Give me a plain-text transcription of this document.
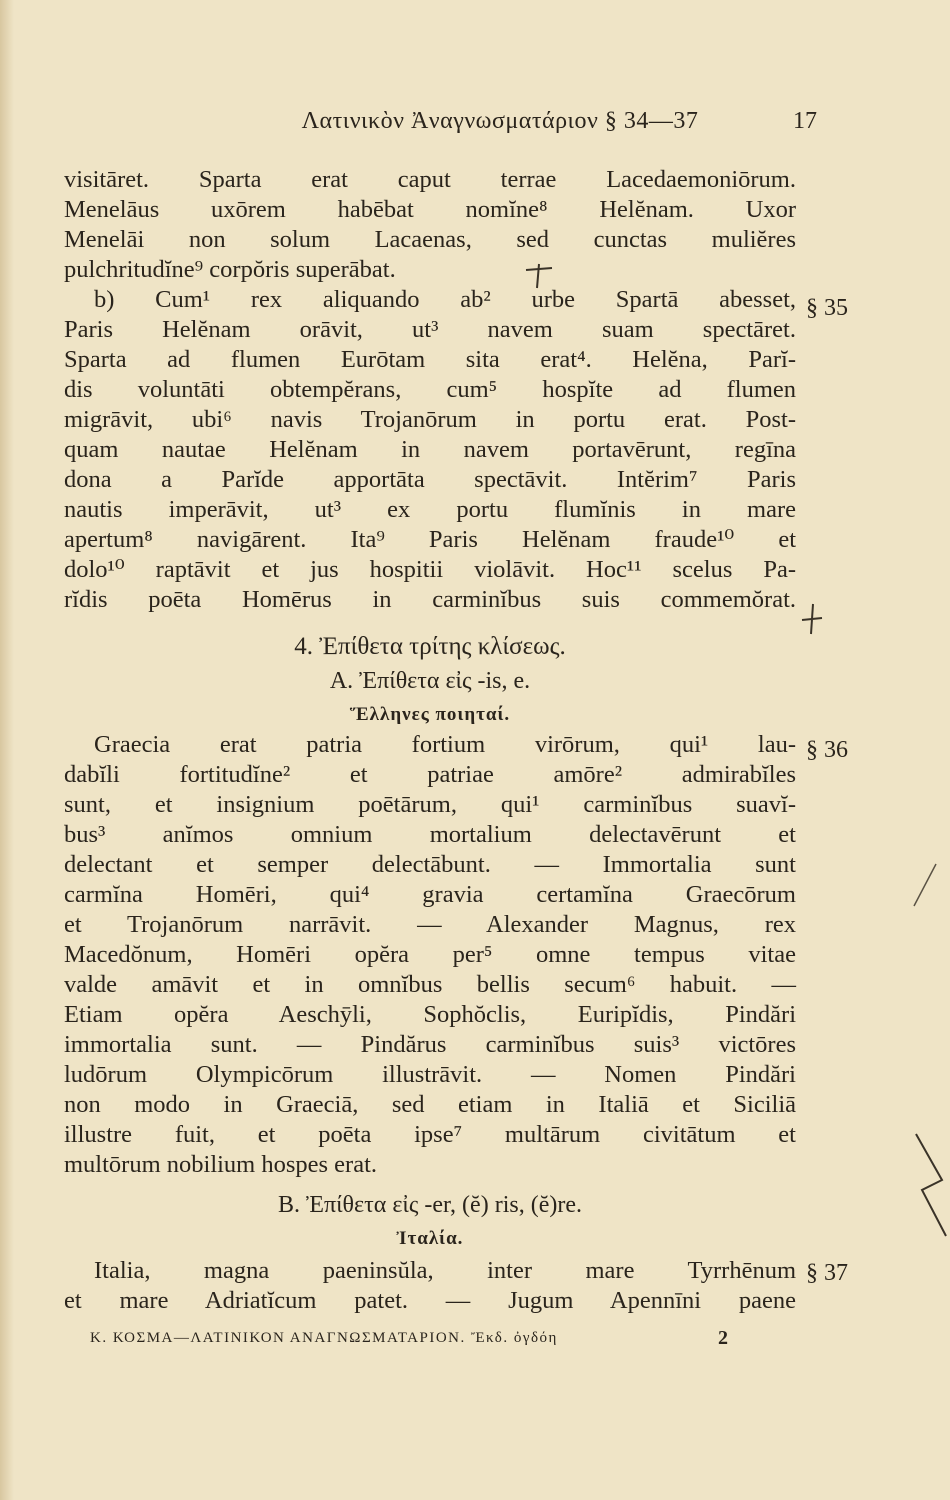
Λατινικὸν Ἀναγνωσματάριον § 34—37	17
visitāret. Sparta erat caput terrae Lacedaemoniōrum.
Menelāus uxōrem habēbat nomĭne⁸ Helĕnam. Uxor
Menelāi non solum Lacaenas, sed cunctas muliĕres
pulchritudĭne⁹ corpŏris superābat.
§ 35
b) Cum¹ rex aliquando ab² urbe Spartā abesset,
Paris Helĕnam orāvit, ut³ navem suam spectāret.
Sparta ad flumen Eurōtam sita erat⁴. Helĕna, Parĭ-
dis voluntāti obtempĕrans, cum⁵ hospĭte ad flumen
migrāvit, ubi⁶ navis Trojanōrum in portu erat. Post-
quam nautae Helĕnam in navem portavērunt, regīna
dona a Parĭde apportāta spectāvit. Intĕrim⁷ Paris
nautis imperāvit, ut³ ex portu flumĭnis in mare
apertum⁸ navigārent. Ita⁹ Paris Helĕnam fraude¹⁰ et
dolo¹⁰ raptāvit et jus hospitii violāvit. Hoc¹¹ scelus Pa-
rĭdis poēta Homērus in carminĭbus suis commemŏrat.
4. Ἐπίθετα τρίτης κλίσεως.
A. Ἐπίθετα εἰς -is, e.
Ἕλληνες ποιηταί.
§ 36
Graecia erat patria fortium virōrum, qui¹ lau-
dabĭli fortitudĭne² et patriae amōre² admirabĭles
sunt, et insignium poētārum, qui¹ carminĭbus suavĭ-
bus³ anĭmos omnium mortalium delectavērunt et
delectant et semper delectābunt. — Immortalia sunt
carmĭna Homēri, qui⁴ gravia certamĭna Graecōrum
et Trojanōrum narrāvit. — Alexander Magnus, rex
Macedŏnum, Homēri opĕra per⁵ omne tempus vitae
valde amāvit et in omnĭbus bellis secum⁶ habuit. —
Etiam opĕra Aeschȳli, Sophŏclis, Euripĭdis, Pindări
immortalia sunt. — Pindărus carminĭbus suis³ victōres
ludōrum Olympicōrum illustrāvit. — Nomen Pindări
non modo in Graeciā, sed etiam in Italiā et Siciliā
illustre fuit, et poēta ipse⁷ multārum civitātum et
multōrum nobilium hospes erat.
B. Ἐπίθετα εἰς -er, (ĕ) ris, (ĕ)re.
Ἰταλία.
§ 37
Italia, magna paeninsŭla, inter mare Tyrrhēnum
et mare Adriatĭcum patet. — Jugum Apennīni paene
Κ. ΚΟΣΜΑ—ΛΑΤΙΝΙΚΟΝ ΑΝΑΓΝΩΣΜΑΤΑΡΙΟΝ. Ἔκδ. ὀγδόη	2
